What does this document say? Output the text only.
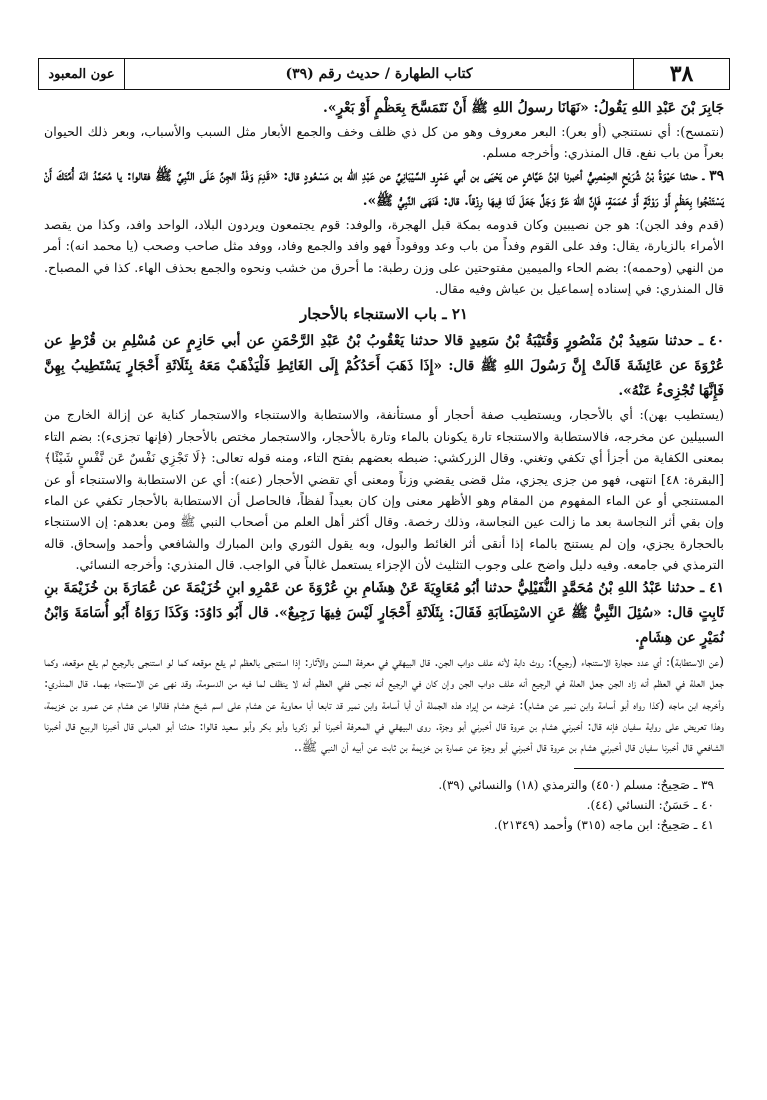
٣٨
كتاب الطهارة / حديث رقم (٣٩)
عون المعبود

جَابِرَ بْنَ عَبْدِ اللهِ يَقُولُ: «نَهَانَا رسولُ اللهِ ﷺ أَنْ نَتَمَسَّحَ بِعَظْمٍ أَوْ بَعْرٍ».

(نتمسح): أي نستنجي (أو بعر): البعر معروف وهو من كل ذي ظلف وخف والجمع الأبعار مثل السبب والأسباب، وبعر ذلك الحيوان بعراً من باب نفع. قال المنذري: وأخرجه مسلم.

٣٩ ـ حدثنا حَيْوَةُ بْنُ شُرَيْحٍ الحِمْصِيُّ أخبرنا ابْنُ عَيَّاشٍ عن يَحْيَى بن أبي عَمْرٍو السَّيْبَانِيِّ عن عَبْدِ الله بن مَسْعُودٍ قال: «قَدِمَ وَفْدُ الجِنِّ عَلَى النَّبِيِّ ﷺ فقالوا: يا مُحَمَّدُ انْهَ أُمَّتَكَ أَنْ يَسْتَنْجُوا بِعَظْمٍ أَوْ رَوْثَةٍ أَوْ حُمَمَةٍ، فَإِنَّ اللهَ عَزَّ وَجَلَّ جَعَلَ لَنَا فِيهَا رِزْقاً. قال: فَنَهَى النَّبِيُّ ﷺ».

(قدم وفد الجن): هو جن نصيبين وكان قدومه بمكة قبل الهجرة، والوفد: قوم يجتمعون ويردون البلاد، الواحد وافد، وكذا من يقصد الأمراء بالزيارة، يقال: وفد على القوم وفداً من باب وعد ووفوداً فهو وافد والجمع وفاد، ووفد مثل صاحب وصحب (يا محمد انه): أمر من النهي (وحممه): بضم الحاء والميمين مفتوحتين على وزن رطبة: ما أحرق من خشب ونحوه والجمع بحذف الهاء. كذا في المصباح. قال المنذري: في إسناده إسماعيل بن عياش وفيه مقال.

٢١ ـ باب الاستنجاء بالأحجار

٤٠ ـ حدثنا سَعِيدُ بْنُ مَنْصُورٍ وَقُتَيْبَةُ بْنُ سَعِيدٍ قالا حدثنا يَعْقُوبُ بْنُ عَبْدِ الرَّحْمَنِ عن أبي حَازِمٍ عن مُسْلِمِ بن قُرْطٍ عن عُرْوَةَ عن عَائِشَةَ قَالَتْ إِنَّ رَسُولَ اللهِ ﷺ قال: «إِذَا ذَهَبَ أَحَدُكُمْ إِلَى الغَائِطِ فَلْيَذْهَبْ مَعَهُ بِثَلَاثَةِ أَحْجَارٍ يَسْتَطِيبُ بِهِنَّ فَإِنَّهَا تُجْزِىءُ عَنْهُ».

(يستطيب بهن): أي بالأحجار، ويستطيب صفة أحجار أو مستأنفة، والاستطابة والاستنجاء والاستجمار كناية عن إزالة الخارج من السبيلين عن مخرجه، فالاستطابة والاستنجاء تارة يكونان بالماء وتارة بالأحجار، والاستجمار مختص بالأحجار (فإنها تجزىء): بضم التاء بمعنى الكفاية من أجزأ أي تكفي وتغني. وقال الزركشي: ضبطه بعضهم بفتح التاء، ومنه قوله تعالى: ﴿لَا تَجْزِي نَفْسٌ عَن نَّفْسٍ شَيْئًا﴾ [البقرة: ٤٨] انتهى، فهو من جزى يجزي، مثل قضى يقضي وزناً ومعنى أي تقضي الأحجار (عنه): أي عن الاستطابة والاستنجاء أو عن المستنجي أو عن الماء المفهوم من المقام وهو الأظهر معنى وإن كان بعيداً لفظاً، فالحاصل أن الاستطابة بالأحجار تكفي عن الماء وإن بقي أثر النجاسة بعد ما زالت عين النجاسة، وذلك رخصة. وقال أكثر أهل العلم من أصحاب النبي ﷺ ومن بعدهم: إن الاستنجاء بالحجارة يجزي، وإن لم يستنج بالماء إذا أنقى أثر الغائط والبول، وبه يقول الثوري وابن المبارك والشافعي وأحمد وإسحاق. قاله الترمذي في جامعه. وفيه دليل واضح على وجوب التثليث لأن الإجزاء يستعمل غالباً في الواجب. قال المنذري: وأخرجه النسائي.

٤١ ـ حدثنا عَبْدُ اللهِ بْنُ مُحَمَّدٍ النُّفَيْلِيُّ حدثنا أبُو مُعَاوِيَةَ عَنْ هِشَامِ بنِ عُرْوَةَ عن عَمْرِو ابنِ خُزَيْمَةَ عن عُمَارَةَ بن خُزَيْمَةَ بنِ ثَابِتٍ قال: «سُئِلَ النَّبِيُّ ﷺ عَنِ الاسْتِطَابَةِ فَقَالَ: بِثَلَاثَةِ أَحْجَارٍ لَيْسَ فِيهَا رَجِيعٌ». قال أَبُو دَاوُدَ: وَكَذَا رَوَاهُ أَبُو أُسَامَةَ وَابْنُ نُمَيْرٍ عن هِشَامٍ.

(عن الاستطابة): أي عدد حجارة الاستنجاء (رجيع): روث دابة لأنه علف دواب الجن. قال البيهقي في معرفة السنن والآثار: إذا استنجى بالعظم لم يقع موقعه كما لو استنجى بالرجيع لم يقع موقعه، وكما جعل العلة في العظم أنه زاد الجن جعل العلة في الرجيع أنه علف دواب الجن وإن كان في الرجيع أنه نجس ففي العظم أنه لا ينظف لما فيه من الدسومة، وقد نهى عن الاستنجاء بهما. قال المنذري: وأخرجه ابن ماجه (كذا رواه أبو أسامة وابن نمير عن هشام): غرضه من إيراد هذه الجملة أن أبا أسامة وابن نمير قد تابعا أبا معاوية عن هشام على اسم شيخ هشام فقالوا عن هشام عن عمرو بن خزيمة، وهذا تعريض على رواية سفيان فإنه قال: أخبرني هشام بن عروة قال أخبرني أبو وجزة. روى البيهقي في المعرفة أخبرنا أبو زكريا وأبو بكر وأبو سعيد قالوا: حدثنا أبو العباس قال أخبرنا الربيع قال أخبرنا الشافعي قال أخبرنا سفيان قال أخبرني هشام بن عروة قال أخبرني أبو وجزة عن عمارة بن خزيمة بن ثابت عن أبيه أن النبي ﷺ..

٣٩ ـ صَحِيحٌ: مسلم (٤٥٠) والترمذي (١٨) والنسائي (٣٩).
٤٠ ـ حَسَنٌ: النسائي (٤٤).
٤١ ـ صَحِيحٌ: ابن ماجه (٣١٥) وأحمد (٢١٣٤٩).
